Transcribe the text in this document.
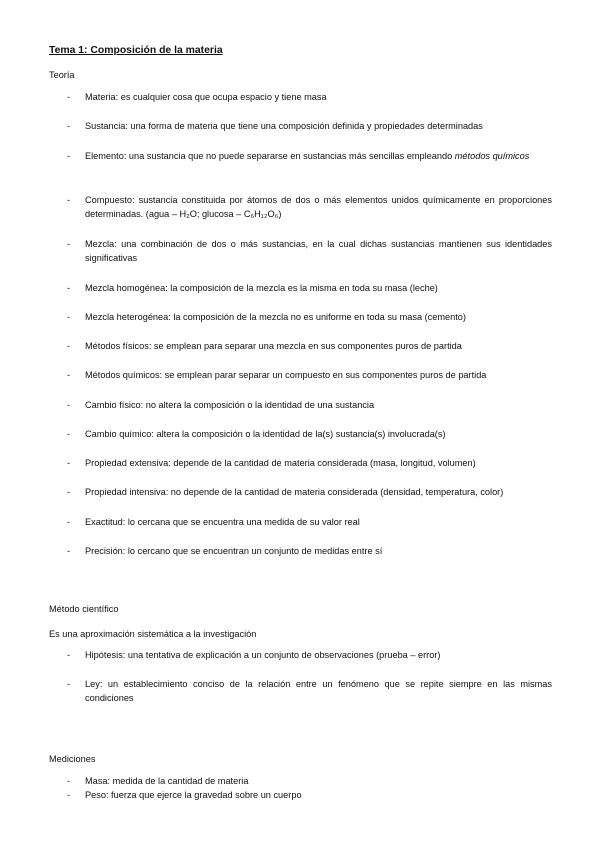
Tema 1: Composición de la materia
Teoría
-	Materia: es cualquier cosa que ocupa espacio y tiene masa
-	Sustancia: una forma de materia que tiene una composición definida y propiedades determinadas
-	Elemento: una sustancia que no puede separarse en sustancias más sencillas empleando métodos químicos
-	Compuesto: sustancia constituida por átomos de dos o más elementos unidos químicamente en proporciones determinadas. (agua – H₂O; glucosa – C₆H₁₂O₆)
-	Mezcla: una combinación de dos o más sustancias, en la cual dichas sustancias mantienen sus identidades significativas
-	Mezcla homogénea: la composición de la mezcla es la misma en toda su masa (leche)
-	Mezcla heterogénea: la composición de la mezcla no es uniforme en toda su masa (cemento)
-	Métodos físicos: se emplean para separar una mezcla en sus componentes puros de partida
-	Métodos químicos: se emplean parar separar un compuesto en sus componentes puros de partida
-	Cambio físico: no altera la composición o la identidad de una sustancia
-	Cambio químico: altera la composición o la identidad de la(s) sustancia(s) involucrada(s)
-	Propiedad extensiva: depende de la cantidad de materia considerada (masa, longitud, volumen)
-	Propiedad intensiva: no depende de la cantidad de materia considerada (densidad, temperatura, color)
-	Exactitud: lo cercana que se encuentra una medida de su valor real
-	Precisión: lo cercano que se encuentran un conjunto de medidas entre sí
Método científico
Es una aproximación sistemática a la investigación
-	Hipótesis: una tentativa de explicación a un conjunto de observaciones (prueba – error)
-	Ley: un establecimiento conciso de la relación entre un fenómeno que se repite siempre en las mismas condiciones
Mediciones
-	Masa: medida de la cantidad de materia
-	Peso: fuerza que ejerce la gravedad sobre un cuerpo
